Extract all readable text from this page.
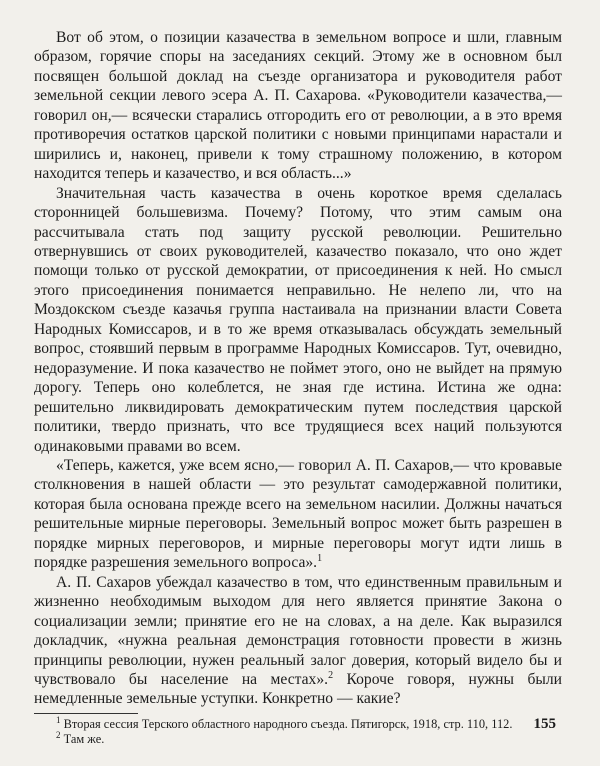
Вот об этом, о позиции казачества в земельном вопросе и шли, главным образом, горячие споры на заседаниях секций. Этому же в основном был посвящен большой доклад на съезде организатора и руководителя работ земельной секции левого эсера А. П. Сахарова. «Руководители казачества,— говорил он,— всячески старались отгородить его от революции, а в это время противоречия остатков царской политики с новыми принципами нарастали и ширились и, наконец, привели к тому страшному положению, в котором находится теперь и казачество, и вся область...»

Значительная часть казачества в очень короткое время сделалась сторонницей большевизма. Почему? Потому, что этим самым она рассчитывала стать под защиту русской революции. Решительно отвернувшись от своих руководителей, казачество показало, что оно ждет помощи только от русской демократии, от присоединения к ней. Но смысл этого присоединения понимается неправильно. Не нелепо ли, что на Моздокском съезде казачья группа настаивала на признании власти Совета Народных Комиссаров, и в то же время отказывалась обсуждать земельный вопрос, стоявший первым в программе Народных Комиссаров. Тут, очевидно, недоразумение. И пока казачество не поймет этого, оно не выйдет на прямую дорогу. Теперь оно колеблется, не зная где истина. Истина же одна: решительно ликвидировать демократическим путем последствия царской политики, твердо признать, что все трудящиеся всех наций пользуются одинаковыми правами во всем.

«Теперь, кажется, уже всем ясно,— говорил А. П. Сахаров,— что кровавые столкновения в нашей области — это результат самодержавной политики, которая была основана прежде всего на земельном насилии. Должны начаться решительные мирные переговоры. Земельный вопрос может быть разрешен в порядке мирных переговоров, и мирные переговоры могут идти лишь в порядке разрешения земельного вопроса».$^1$

А. П. Сахаров убеждал казачество в том, что единственным правильным и жизненно необходимым выходом для него является принятие Закона о социализации земли; принятие его не на словах, а на деле. Как выразился докладчик, «нужна реальная демонстрация готовности провести в жизнь принципы революции, нужен реальный залог доверия, который видело бы и чувствовало бы население на местах».$^2$ Короче говоря, нужны были немедленные земельные уступки. Конкретно — какие?

$^1$ Вторая сессия Терского областного народного съезда. Пятигорск, 1918, стр. 110, 112.

$^2$ Там же.

155
